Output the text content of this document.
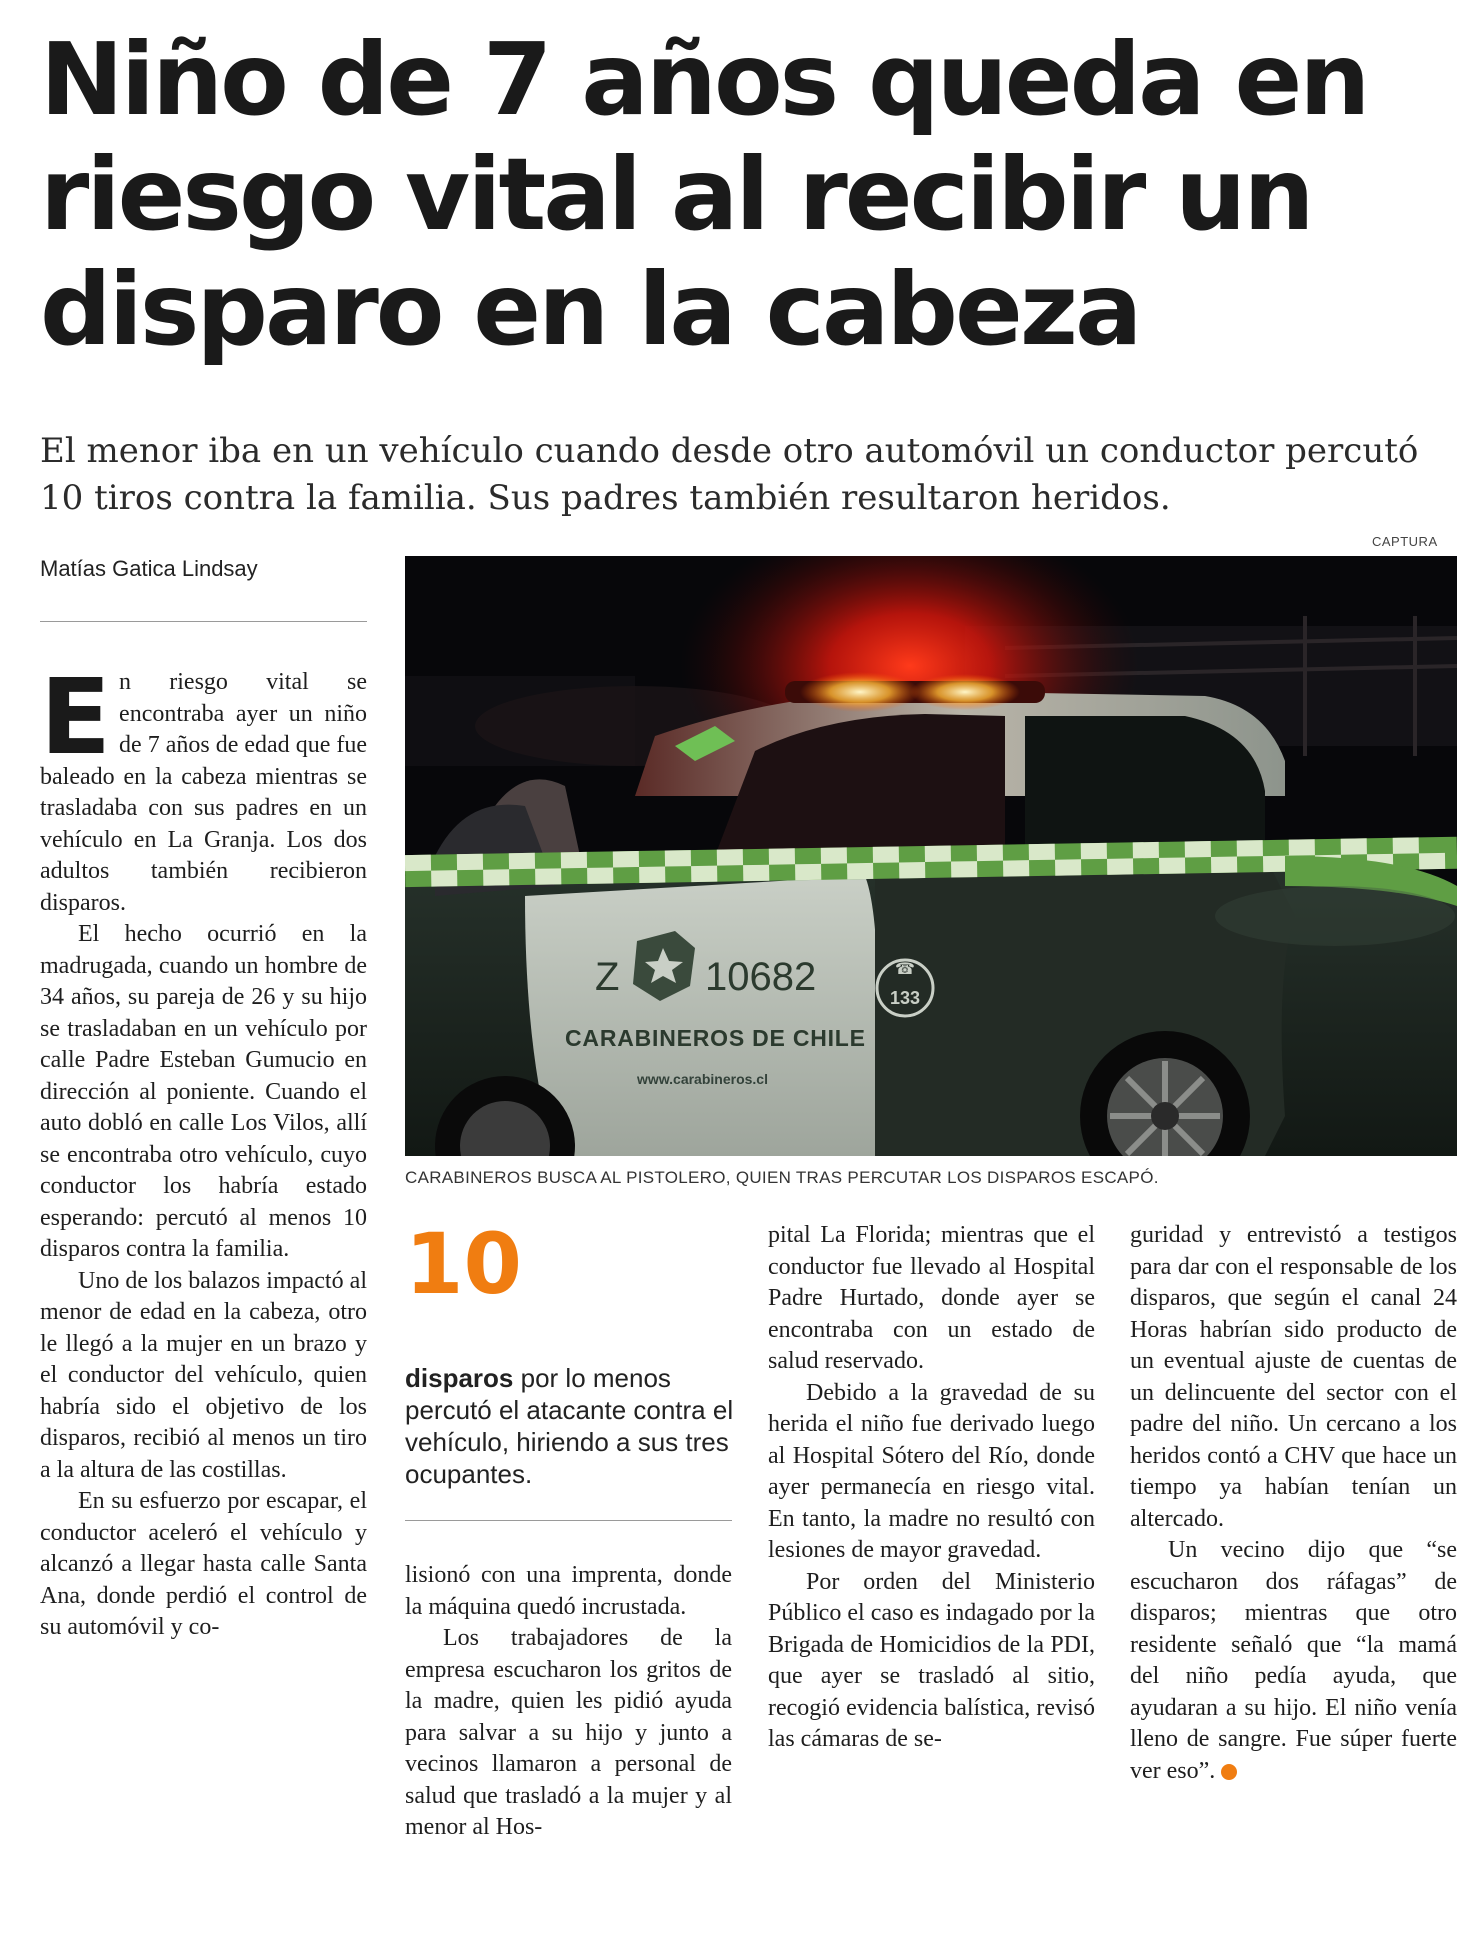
Niño de 7 años queda en riesgo vital al recibir un disparo en la cabeza

El menor iba en un vehículo cuando desde otro automóvil un conductor percutó 10 tiros contra la familia. Sus padres también resultaron heridos.

CAPTURA
Matías Gatica Lindsay
Z 10682
CARABINEROS DE CHILE
www.carabineros.cl
☎
133
CARABINEROS BUSCA AL PISTOLERO, QUIEN TRAS PERCUTAR LOS DISPAROS ESCAPÓ.

En riesgo vital se encontraba ayer un niño de 7 años de edad que fue baleado en la cabeza mientras se trasladaba con sus padres en un vehículo en La Granja. Los dos adultos también recibieron disparos.

El hecho ocurrió en la madrugada, cuando un hombre de 34 años, su pareja de 26 y su hijo se trasladaban en un vehículo por calle Padre Esteban Gumucio en dirección al poniente. Cuando el auto dobló en calle Los Vilos, allí se encontraba otro vehículo, cuyo conductor los habría estado esperando: percutó al menos 10 disparos contra la familia.

Uno de los balazos impactó al menor de edad en la cabeza, otro le llegó a la mujer en un brazo y el conductor del vehículo, quien habría sido el objetivo de los disparos, recibió al menos un tiro a la altura de las costillas.

En su esfuerzo por escapar, el conductor aceleró el vehículo y alcanzó a llegar hasta calle Santa Ana, donde perdió el control de su automóvil y co-

10
disparos por lo menos percutó el atacante contra el vehículo, hiriendo a sus tres ocupantes.

lisionó con una imprenta, donde la máquina quedó incrustada.

Los trabajadores de la empresa escucharon los gritos de la madre, quien les pidió ayuda para salvar a su hijo y junto a vecinos llamaron a personal de salud que trasladó a la mujer y al menor al Hos-

pital La Florida; mientras que el conductor fue llevado al Hospital Padre Hurtado, donde ayer se encontraba con un estado de salud reservado.

Debido a la gravedad de su herida el niño fue derivado luego al Hospital Sótero del Río, donde ayer permanecía en riesgo vital. En tanto, la madre no resultó con lesiones de mayor gravedad.

Por orden del Ministerio Público el caso es indagado por la Brigada de Homicidios de la PDI, que ayer se trasladó al sitio, recogió evidencia balística, revisó las cámaras de se-

guridad y entrevistó a testigos para dar con el responsable de los disparos, que según el canal 24 Horas habrían sido producto de un eventual ajuste de cuentas de un delincuente del sector con el padre del niño. Un cercano a los heridos contó a CHV que hace un tiempo ya habían tenían un altercado.

Un vecino dijo que “se escucharon dos ráfagas” de disparos; mientras que otro residente señaló que “la mamá del niño pedía ayuda, que ayudaran a su hijo. El niño venía lleno de sangre. Fue súper fuerte ver eso”.	✪
